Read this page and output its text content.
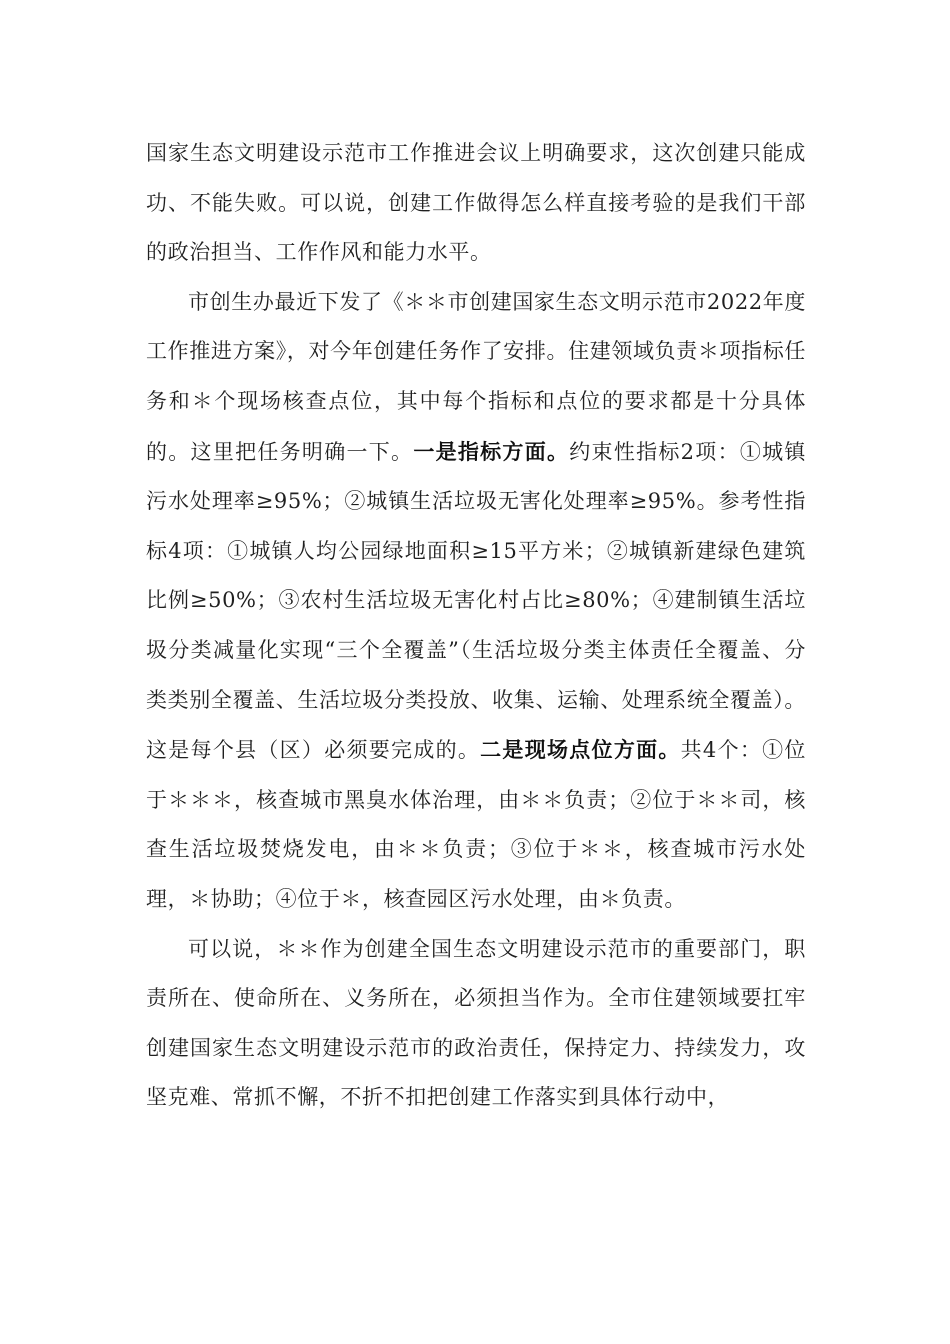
国家生态文明建设示范市工作推进会议上明确要求，这次创建只能成功、不能失败。可以说，创建工作做得怎么样直接考验的是我们干部的政治担当、工作作风和能力水平。

市创生办最近下发了《＊＊市创建国家生态文明示范市2022年度工作推进方案》，对今年创建任务作了安排。住建领域负责＊项指标任务和＊个现场核查点位，其中每个指标和点位的要求都是十分具体的。这里把任务明确一下。一是指标方面。约束性指标2项：①城镇污水处理率≥95%；②城镇生活垃圾无害化处理率≥95%。参考性指标4项：①城镇人均公园绿地面积≥15平方米；②城镇新建绿色建筑比例≥50%；③农村生活垃圾无害化村占比≥80%；④建制镇生活垃圾分类减量化实现“三个全覆盖”（生活垃圾分类主体责任全覆盖、分类类别全覆盖、生活垃圾分类投放、收集、运输、处理系统全覆盖）。这是每个县（区）必须要完成的。二是现场点位方面。共4个：①位于＊＊＊，核查城市黑臭水体治理，由＊＊负责；②位于＊＊司，核查生活垃圾焚烧发电，由＊＊负责；③位于＊＊，核查城市污水处理，＊协助；④位于＊，核查园区污水处理，由＊负责。

可以说，＊＊作为创建全国生态文明建设示范市的重要部门，职责所在、使命所在、义务所在，必须担当作为。全市住建领域要扛牢创建国家生态文明建设示范市的政治责任，保持定力、持续发力，攻坚克难、常抓不懈，不折不扣把创建工作落实到具体行动中，
